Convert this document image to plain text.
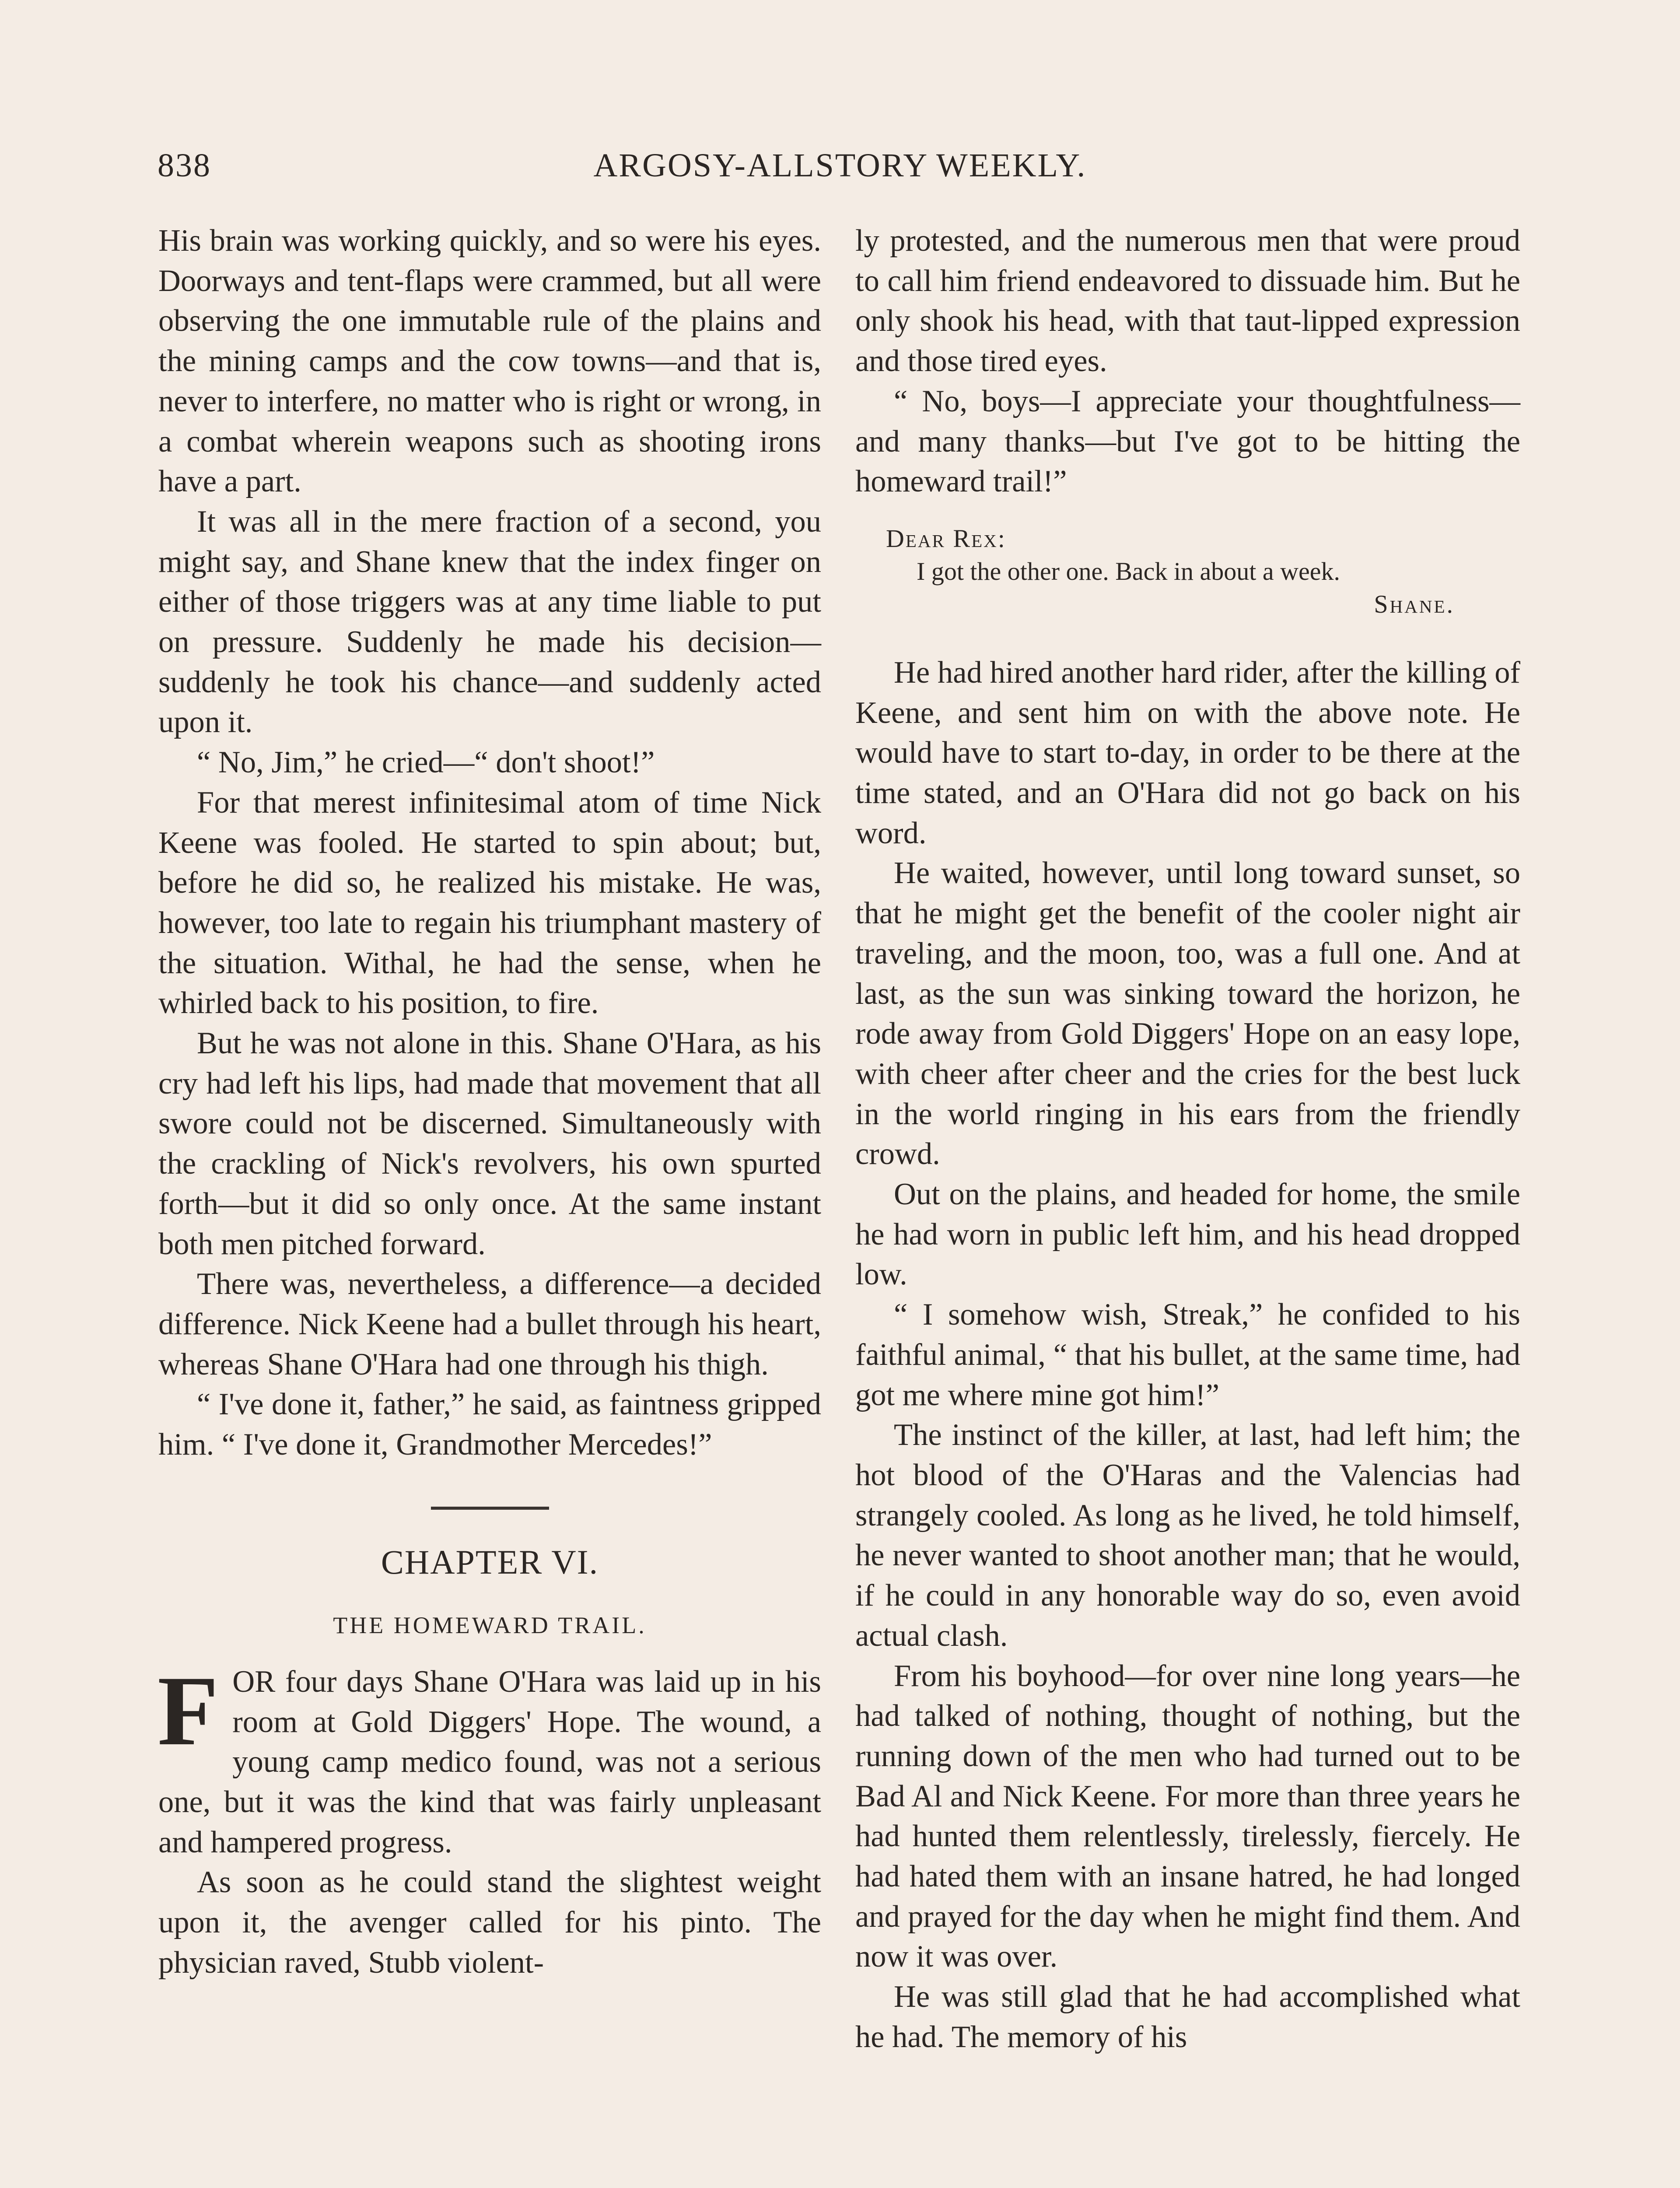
838	ARGOSY-ALLSTORY WEEKLY.

His brain was working quickly, and so were his eyes. Doorways and tent-flaps were crammed, but all were observing the one immutable rule of the plains and the mining camps and the cow towns—and that is, never to interfere, no matter who is right or wrong, in a combat wherein weapons such as shooting irons have a part.

It was all in the mere fraction of a second, you might say, and Shane knew that the index finger on either of those triggers was at any time liable to put on pressure. Suddenly he made his decision—suddenly he took his chance—and suddenly acted upon it.

“ No, Jim,” he cried—“ don't shoot!”

For that merest infinitesimal atom of time Nick Keene was fooled. He started to spin about; but, before he did so, he realized his mistake. He was, however, too late to regain his triumphant mastery of the situation. Withal, he had the sense, when he whirled back to his position, to fire.

But he was not alone in this. Shane O'Hara, as his cry had left his lips, had made that movement that all swore could not be discerned. Simultaneously with the crackling of Nick's revolvers, his own spurted forth—but it did so only once. At the same instant both men pitched forward.

There was, nevertheless, a difference—a decided difference. Nick Keene had a bullet through his heart, whereas Shane O'Hara had one through his thigh.

“ I've done it, father,” he said, as faintness gripped him. “ I've done it, Grandmother Mercedes!”

CHAPTER VI.
THE HOMEWARD TRAIL.

FOR four days Shane O'Hara was laid up in his room at Gold Diggers' Hope. The wound, a young camp medico found, was not a serious one, but it was the kind that was fairly unpleasant and hampered progress.

As soon as he could stand the slightest weight upon it, the avenger called for his pinto. The physician raved, Stubb violent-

ly protested, and the numerous men that were proud to call him friend endeavored to dissuade him. But he only shook his head, with that taut-lipped expression and those tired eyes.

“ No, boys—I appreciate your thoughtfulness—and many thanks—but I've got to be hitting the homeward trail!”

Dear Rex:
I got the other one. Back in about a week.
Shane.

He had hired another hard rider, after the killing of Keene, and sent him on with the above note. He would have to start to-day, in order to be there at the time stated, and an O'Hara did not go back on his word.

He waited, however, until long toward sunset, so that he might get the benefit of the cooler night air traveling, and the moon, too, was a full one. And at last, as the sun was sinking toward the horizon, he rode away from Gold Diggers' Hope on an easy lope, with cheer after cheer and the cries for the best luck in the world ringing in his ears from the friendly crowd.

Out on the plains, and headed for home, the smile he had worn in public left him, and his head dropped low.

“ I somehow wish, Streak,” he confided to his faithful animal, “ that his bullet, at the same time, had got me where mine got him!”

The instinct of the killer, at last, had left him; the hot blood of the O'Haras and the Valencias had strangely cooled. As long as he lived, he told himself, he never wanted to shoot another man; that he would, if he could in any honorable way do so, even avoid actual clash.

From his boyhood—for over nine long years—he had talked of nothing, thought of nothing, but the running down of the men who had turned out to be Bad Al and Nick Keene. For more than three years he had hunted them relentlessly, tirelessly, fiercely. He had hated them with an insane hatred, he had longed and prayed for the day when he might find them. And now it was over.

He was still glad that he had accomplished what he had. The memory of his
